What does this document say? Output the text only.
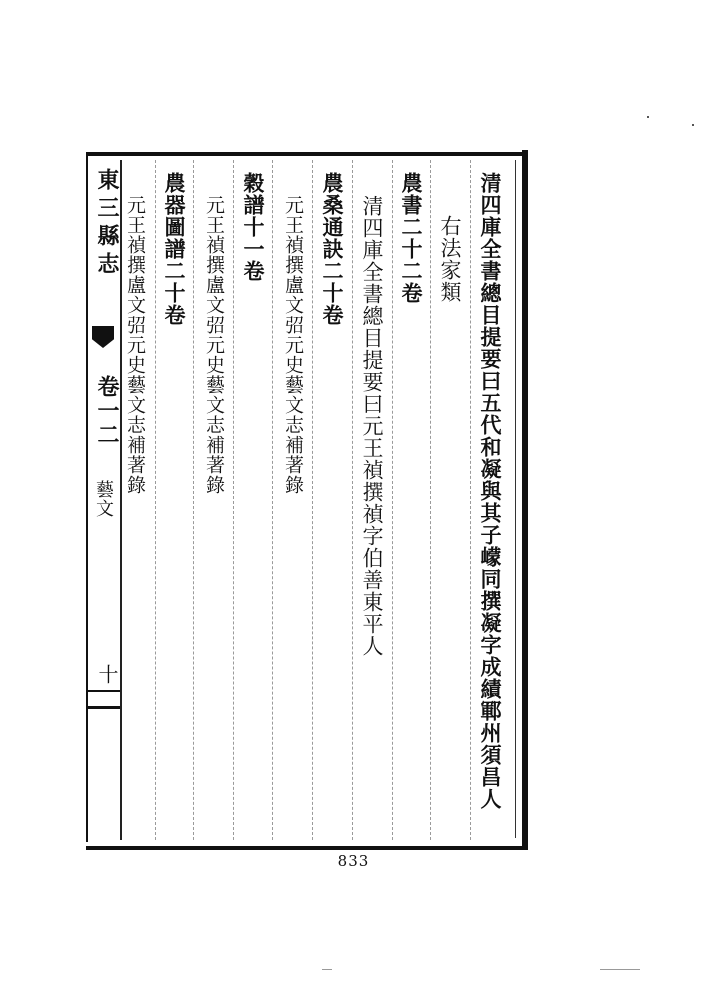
東三縣志
卷一二
藝文
十	清四庫全書總目提要曰五代和凝與其子㠓同撰凝字成績鄆州須昌人
右法家類
農書二十二卷
清四庫全書總目提要曰元王禎撰禎字伯善東平人
農桑通訣二十卷
元王禎撰盧文弨元史藝文志補著錄
穀譜十一卷
元王禎撰盧文弨元史藝文志補著錄
農器圖譜二十卷
元王禎撰盧文弨元史藝文志補著錄
833
